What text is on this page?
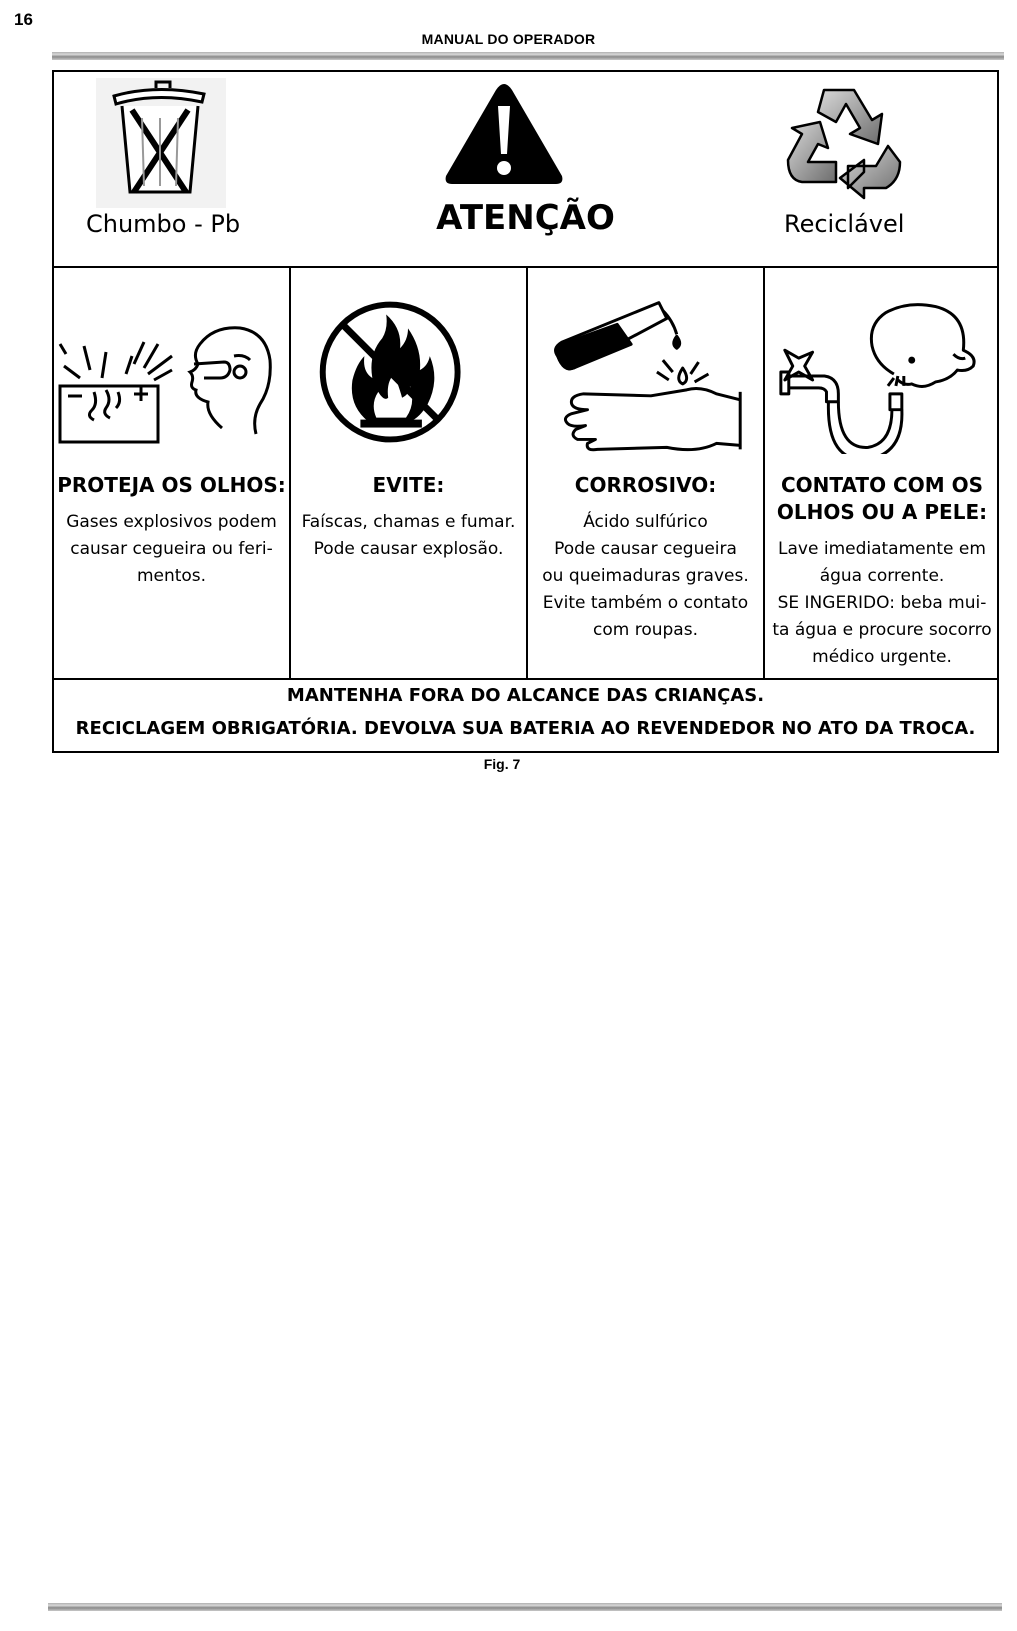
16
MANUAL DO OPERADOR
Chumbo - Pb	ATENÇÃO	Reciclável
PROTEJA OS OLHOS:
Gases explosivos podem
causar cegueira ou feri-
mentos.
EVITE:
Faíscas, chamas e fumar.
Pode causar explosão.
CORROSIVO:
Ácido sulfúrico
Pode causar cegueira
ou queimaduras graves.
Evite também o contato
com roupas.
CONTATO COM OS
OLHOS OU A PELE:
Lave imediatamente em
água corrente.
SE INGERIDO: beba mui-
ta água e procure socorro
médico urgente.
MANTENHA FORA DO ALCANCE DAS CRIANÇAS.
RECICLAGEM OBRIGATÓRIA. DEVOLVA SUA BATERIA AO REVENDEDOR NO ATO DA TROCA.
Fig. 7
